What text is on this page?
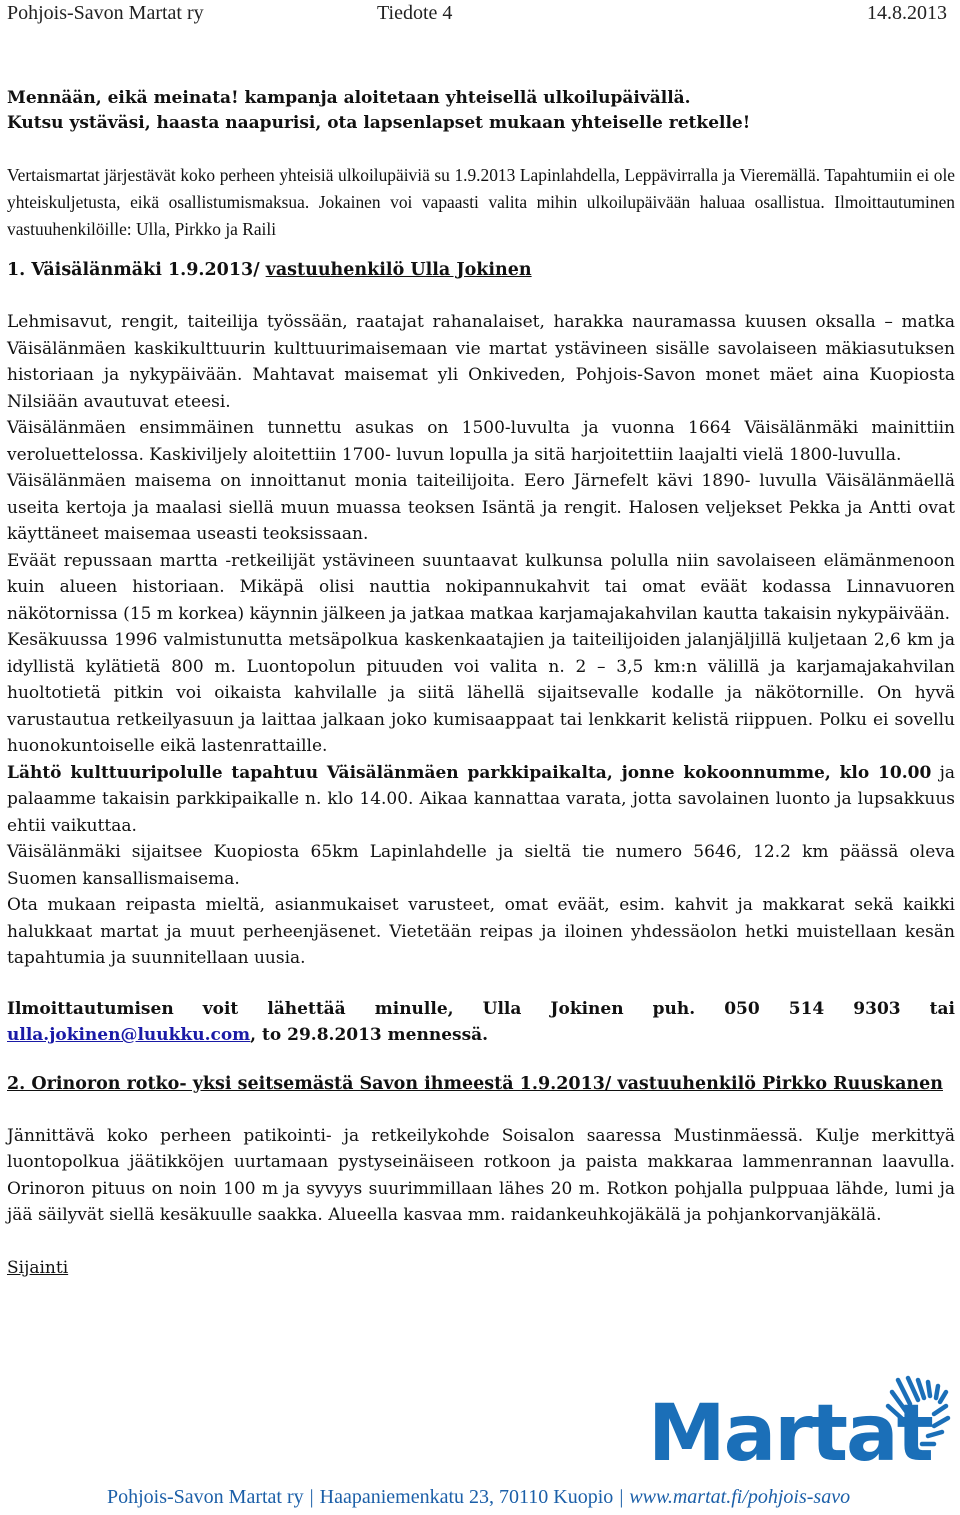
Pohjois-Savon Martat ry	Tiedote 4	14.8.2013
Mennään, eikä meinata! kampanja aloitetaan yhteisellä ulkoilupäivällä.
Kutsu ystäväsi, haasta naapurisi, ota lapsenlapset mukaan yhteiselle retkelle!

Vertaismartat järjestävät koko perheen yhteisiä ulkoilupäiviä su 1.9.2013 Lapinlahdella, Leppävirralla ja Vieremällä. Tapahtumiin ei ole yhteiskuljetusta, eikä osallistumismaksua. Jokainen voi vapaasti valita mihin ulkoilupäivään haluaa osallistua. Ilmoittautuminen vastuuhenkilöille: Ulla, Pirkko ja Raili

1. Väisälänmäki 1.9.2013/ vastuuhenkilö Ulla Jokinen

Lehmisavut, rengit, taiteilija työssään, raatajat rahanalaiset, harakka nauramassa kuusen oksalla – matka Väisälänmäen kaskikulttuurin kulttuurimaisemaan vie martat ystävineen sisälle savolaiseen mäkiasutuksen historiaan ja nykypäivään. Mahtavat maisemat yli Onkiveden, Pohjois-Savon monet mäet aina Kuopiosta Nilsiään avautuvat eteesi.

Väisälänmäen ensimmäinen tunnettu asukas on 1500-luvulta ja vuonna 1664 Väisälänmäki mainittiin veroluettelossa. Kaskiviljely aloitettiin 1700- luvun lopulla ja sitä harjoitettiin laajalti vielä 1800-luvulla.

Väisälänmäen maisema on innoittanut monia taiteilijoita. Eero Järnefelt kävi 1890- luvulla Väisälänmäellä useita kertoja ja maalasi siellä muun muassa teoksen Isäntä ja rengit. Halosen veljekset Pekka ja Antti ovat käyttäneet maisemaa useasti teoksissaan.

Eväät repussaan martta -retkeilijät ystävineen suuntaavat kulkunsa polulla niin savolaiseen elämänmenoon kuin alueen historiaan. Mikäpä olisi nauttia nokipannukahvit tai omat eväät kodassa Linnavuoren näkötornissa (15 m korkea) käynnin jälkeen ja jatkaa matkaa karjamajakahvilan kautta takaisin nykypäivään.

Kesäkuussa 1996 valmistunutta metsäpolkua kaskenkaatajien ja taiteilijoiden jalanjäljillä kuljetaan 2,6 km ja idyllistä kylätietä 800 m. Luontopolun pituuden voi valita n. 2 – 3,5 km:n välillä ja karjamajakahvilan huoltotietä pitkin voi oikaista kahvilalle ja siitä lähellä sijaitsevalle kodalle ja näkötornille. On hyvä varustautua retkeilyasuun ja laittaa jalkaan joko kumisaappaat tai lenkkarit kelistä riippuen. Polku ei sovellu huonokuntoiselle eikä lastenrattaille.

Lähtö kulttuuripolulle tapahtuu Väisälänmäen parkkipaikalta, jonne kokoonnumme, klo 10.00 ja palaamme takaisin parkkipaikalle n. klo 14.00. Aikaa kannattaa varata, jotta savolainen luonto ja lupsakkuus ehtii vaikuttaa.

Väisälänmäki sijaitsee Kuopiosta 65km Lapinlahdelle ja sieltä tie numero 5646, 12.2 km päässä oleva Suomen kansallismaisema.

Ota mukaan reipasta mieltä, asianmukaiset varusteet, omat eväät, esim. kahvit ja makkarat sekä kaikki halukkaat martat ja muut perheenjäsenet. Vietetään reipas ja iloinen yhdessäolon hetki muistellaan kesän tapahtumia ja suunnitellaan uusia.

Ilmoittautumisen voit lähettää minulle, Ulla Jokinen puh. 050 514 9303 tai ulla.jokinen@luukku.com, to 29.8.2013 mennessä.

2. Orinoron rotko- yksi seitsemästä Savon ihmeestä 1.9.2013/ vastuuhenkilö Pirkko Ruuskanen

Jännittävä koko perheen patikointi- ja retkeilykohde Soisalon saaressa Mustinmäessä. Kulje merkittyä luontopolkua jäätikköjen uurtamaan pystyseinäiseen rotkoon ja paista makkaraa lammenrannan laavulla. Orinoron pituus on noin 100 m ja syvyys suurimmillaan lähes 20 m. Rotkon pohjalla pulppuaa lähde, lumi ja jää säilyvät siellä kesäkuulle saakka. Alueella kasvaa mm. raidankeuhkojäkälä ja pohjankorvanjäkälä.

Sijainti

Martat
Pohjois-Savon Martat ry | Haapaniemenkatu 23, 70110 Kuopio | www.martat.fi/pohjois-savo
